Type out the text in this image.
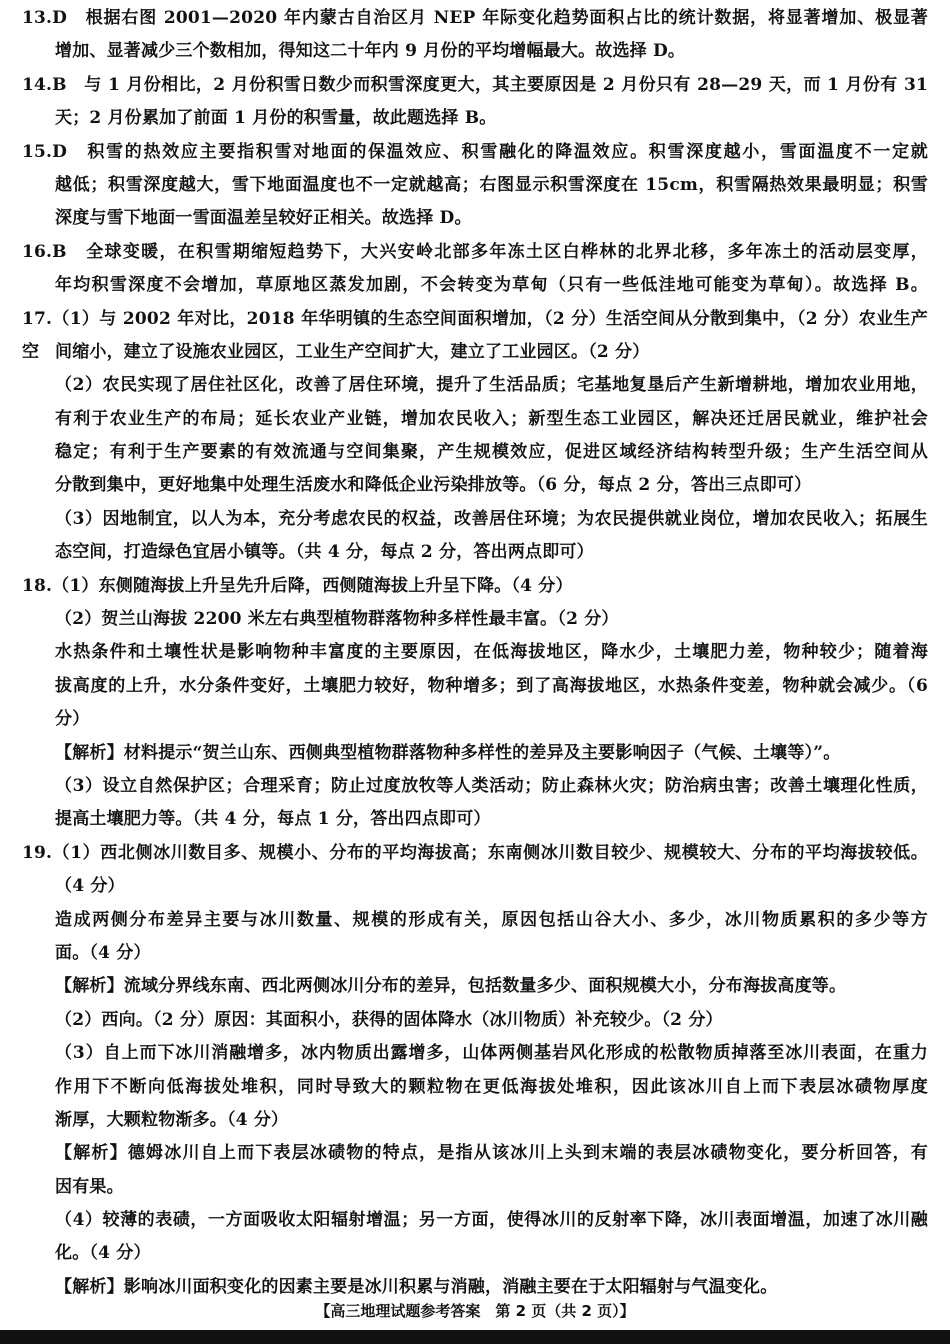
13.D　根据右图 2001—2020 年内蒙古自治区月 NEP 年际变化趋势面积占比的统计数据，将显著增加、极显著
增加、显著减少三个数相加，得知这二十年内 9 月份的平均增幅最大。故选择 D。
14.B　与 1 月份相比，2 月份积雪日数少而积雪深度更大，其主要原因是 2 月份只有 28—29 天，而 1 月份有 31
天；2 月份累加了前面 1 月份的积雪量，故此题选择 B。
15.D　积雪的热效应主要指积雪对地面的保温效应、积雪融化的降温效应。积雪深度越小，雪面温度不一定就
越低；积雪深度越大，雪下地面温度也不一定就越高；右图显示积雪深度在 15cm，积雪隔热效果最明显；积雪
深度与雪下地面一雪面温差呈较好正相关。故选择 D。
16.B　全球变暖，在积雪期缩短趋势下，大兴安岭北部多年冻土区白桦林的北界北移，多年冻土的活动层变厚，
年均积雪深度不会增加，草原地区蒸发加剧，不会转变为草甸（只有一些低洼地可能变为草甸）。故选择 B。
17.（1）与 2002 年对比，2018 年华明镇的生态空间面积增加，（2 分）生活空间从分散到集中，（2 分）农业生产空 间缩小，建立了设施农业园区，工业生产空间扩大，建立了工业园区。（2 分）
（2）农民实现了居住社区化，改善了居住环境，提升了生活品质；宅基地复垦后产生新增耕地，增加农业用地，
有利于农业生产的布局；延长农业产业链，增加农民收入；新型生态工业园区，解决还迁居民就业，维护社会
稳定；有利于生产要素的有效流通与空间集聚，产生规模效应，促进区域经济结构转型升级；生产生活空间从
分散到集中，更好地集中处理生活废水和降低企业污染排放等。（6 分，每点 2 分，答出三点即可）
（3）因地制宜，以人为本，充分考虑农民的权益，改善居住环境；为农民提供就业岗位，增加农民收入；拓展生
态空间，打造绿色宜居小镇等。（共 4 分，每点 2 分，答出两点即可）
18.（1）东侧随海拔上升呈先升后降，西侧随海拔上升呈下降。（4 分）
（2）贺兰山海拔 2200 米左右典型植物群落物种多样性最丰富。（2 分）
水热条件和土壤性状是影响物种丰富度的主要原因，在低海拔地区，降水少，土壤肥力差，物种较少；随着海
拔高度的上升，水分条件变好，土壤肥力较好，物种增多；到了高海拔地区，水热条件变差，物种就会减少。（6
分）
【解析】材料提示“贺兰山东、西侧典型植物群落物种多样性的差异及主要影响因子（气候、土壤等）”。
（3）设立自然保护区；合理采育；防止过度放牧等人类活动；防止森林火灾；防治病虫害；改善土壤理化性质，
提高土壤肥力等。（共 4 分，每点 1 分，答出四点即可）
19.（1）西北侧冰川数目多、规模小、分布的平均海拔高；东南侧冰川数目较少、规模较大、分布的平均海拔较低。
（4 分）
造成两侧分布差异主要与冰川数量、规模的形成有关，原因包括山谷大小、多少，冰川物质累积的多少等方
面。（4 分）
【解析】流域分界线东南、西北两侧冰川分布的差异，包括数量多少、面积规模大小，分布海拔高度等。
（2）西向。（2 分）原因：其面积小，获得的固体降水（冰川物质）补充较少。（2 分）
（3）自上而下冰川消融增多，冰内物质出露增多，山体两侧基岩风化形成的松散物质掉落至冰川表面，在重力
作用下不断向低海拔处堆积，同时导致大的颗粒物在更低海拔处堆积，因此该冰川自上而下表层冰碛物厚度
渐厚，大颗粒物渐多。（4 分）
【解析】德姆冰川自上而下表层冰碛物的特点，是指从该冰川上头到末端的表层冰碛物变化，要分析回答，有
因有果。
（4）较薄的表碛，一方面吸收太阳辐射增温；另一方面，使得冰川的反射率下降，冰川表面增温，加速了冰川融
化。（4 分）
【解析】影响冰川面积变化的因素主要是冰川积累与消融，消融主要在于太阳辐射与气温变化。
【高三地理试题参考答案　第 2 页（共 2 页）】
